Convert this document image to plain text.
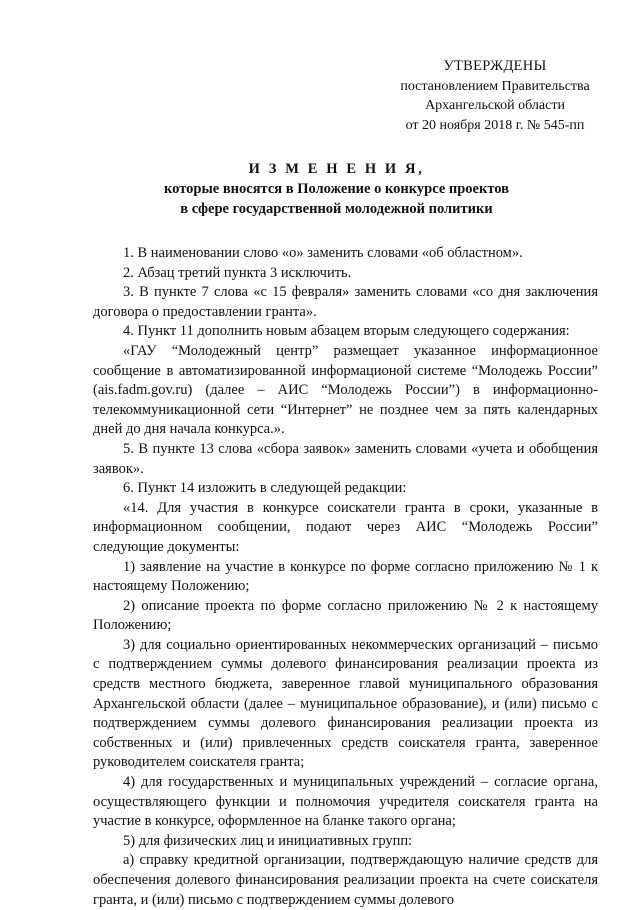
УТВЕРЖДЕНЫ
постановлением Правительства
Архангельской области
от 20 ноября 2018 г. № 545-пп
И З М Е Н Е Н И Я,
которые вносятся в Положение о конкурсе проектов
в сфере государственной молодежной политики

1. В наименовании слово «о» заменить словами «об областном».

2. Абзац третий пункта 3 исключить.

3. В пункте 7 слова «с 15 февраля» заменить словами «со дня заключения договора о предоставлении гранта».

4. Пункт 11 дополнить новым абзацем вторым следующего содержания:

«ГАУ “Молодежный центр” размещает указанное информационное сообщение в автоматизированной информационой системе “Молодежь России” (ais.fadm.gov.ru) (далее – АИС “Молодежь России”) в информационно-телекоммуникационной сети “Интернет” не позднее чем за пять календарных дней до дня начала конкурса.».

5. В пункте 13 слова «сбора заявок» заменить словами «учета и обобщения заявок».

6. Пункт 14 изложить в следующей редакции:

«14. Для участия в конкурсе соискатели гранта в сроки, указанные в информационном сообщении, подают через АИС “Молодежь России” следующие документы:

1) заявление на участие в конкурсе по форме согласно приложению № 1 к настоящему Положению;

2) описание проекта по форме согласно приложению № 2 к настоящему Положению;

3) для социально ориентированных некоммерческих организаций – письмо с подтверждением суммы долевого финансирования реализации проекта из средств местного бюджета, заверенное главой муниципального образования Архангельской области (далее – муниципальное образование), и (или) письмо с подтверждением суммы долевого финансирования реализации проекта из собственных и (или) привлеченных средств соискателя гранта, заверенное руководителем соискателя гранта;

4) для государственных и муниципальных учреждений – согласие органа, осуществляющего функции и полномочия учредителя соискателя гранта на участие в конкурсе, оформленное на бланке такого органа;

5) для физических лиц и инициативных групп:

а) справку кредитной организации, подтверждающую наличие средств для обеспечения долевого финансирования реализации проекта на счете соискателя гранта, и (или) письмо с подтверждением суммы долевого
